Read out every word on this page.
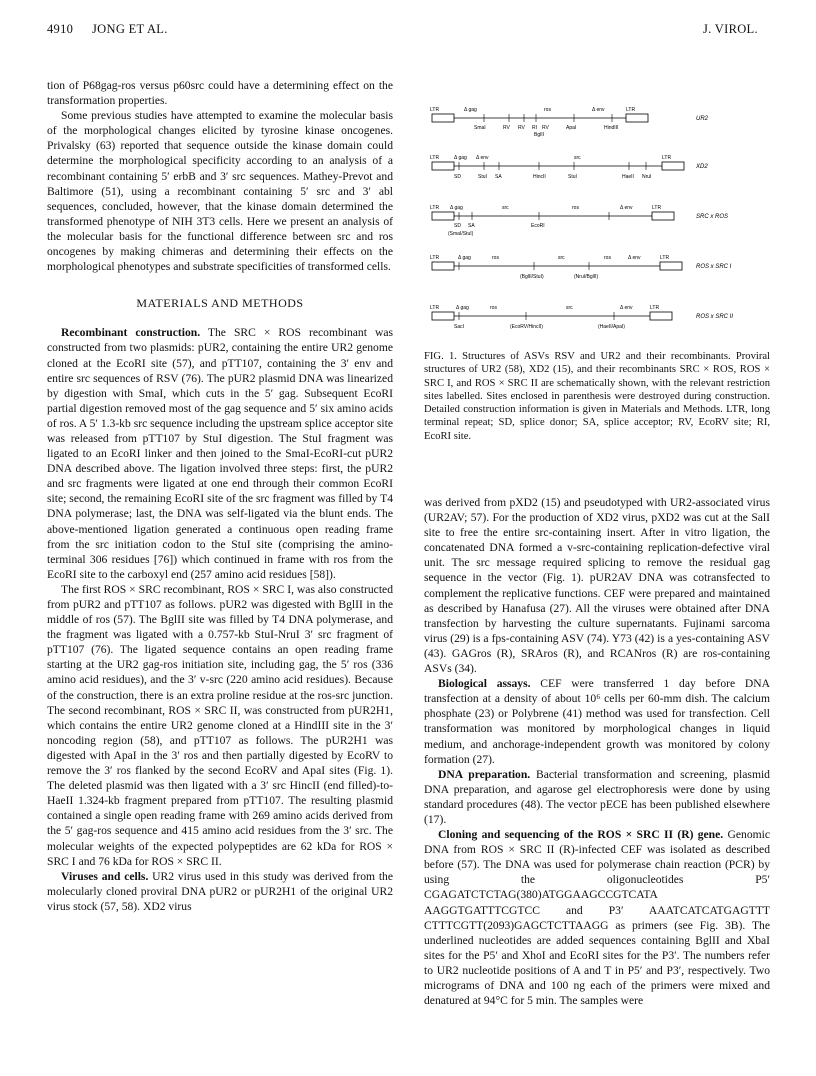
4910 JONG ET AL.	J. VIROL.

tion of P68gag-ros versus p60src could have a determining effect on the transformation properties.

Some previous studies have attempted to examine the molecular basis of the morphological changes elicited by tyrosine kinase oncogenes. Privalsky (63) reported that sequence outside the kinase domain could determine the morphological specificity according to an analysis of a recombinant containing 5′ erbB and 3′ src sequences. Mathey-Prevot and Baltimore (51), using a recombinant containing 5′ src and 3′ abl sequences, concluded, however, that the kinase domain determined the transformed phenotype of NIH 3T3 cells. Here we present an analysis of the molecular basis for the functional difference between src and ros oncogenes by making chimeras and determining their effects on the morphological phenotypes and substrate specificities of transformed cells.

MATERIALS AND METHODS

Recombinant construction. The SRC × ROS recombinant was constructed from two plasmids: pUR2, containing the entire UR2 genome cloned at the EcoRI site (57), and pTT107, containing the 3′ env and entire src sequences of RSV (76). The pUR2 plasmid DNA was linearized by digestion with SmaI, which cuts in the 5′ gag. Subsequent EcoRI partial digestion removed most of the gag sequence and 5′ six amino acids of ros. A 5′ 1.3-kb src sequence including the upstream splice acceptor site was released from pTT107 by StuI digestion. The StuI fragment was ligated to an EcoRI linker and then joined to the SmaI-EcoRI-cut pUR2 DNA described above. The ligation involved three steps: first, the pUR2 and src fragments were ligated at one end through their common EcoRI site; second, the remaining EcoRI site of the src fragment was filled by T4 DNA polymerase; last, the DNA was self-ligated via the blunt ends. The above-mentioned ligation generated a continuous open reading frame from the src initiation codon to the StuI site (comprising the amino-terminal 306 residues [76]) which continued in frame with ros from the EcoRI site to the carboxyl end (257 amino acid residues [58]).

The first ROS × SRC recombinant, ROS × SRC I, was also constructed from pUR2 and pTT107 as follows. pUR2 was digested with BglII in the middle of ros (57). The BglII site was filled by T4 DNA polymerase, and the fragment was ligated with a 0.757-kb StuI-NruI 3′ src fragment of pTT107 (76). The ligated sequence contains an open reading frame starting at the UR2 gag-ros initiation site, including gag, the 5′ ros (336 amino acid residues), and the 3′ v-src (220 amino acid residues). Because of the construction, there is an extra proline residue at the ros-src junction. The second recombinant, ROS × SRC II, was constructed from pUR2H1, which contains the entire UR2 genome cloned at a HindIII site in the 3′ noncoding region (58), and pTT107 as follows. The pUR2H1 was digested with ApaI in the 3′ ros and then partially digested by EcoRV to remove the 3′ ros flanked by the second EcoRV and ApaI sites (Fig. 1). The deleted plasmid was then ligated with a 3′ src HincII (end filled)-to-HaeII 1.324-kb fragment prepared from pTT107. The resulting plasmid contained a single open reading frame with 269 amino acids derived from the 5′ gag-ros sequence and 415 amino acid residues from the 3′ src. The molecular weights of the expected polypeptides are 62 kDa for ROS × SRC I and 76 kDa for ROS × SRC II.

Viruses and cells. UR2 virus used in this study was derived from the molecularly cloned proviral DNA pUR2 or pUR2H1 of the original UR2 virus stock (57, 58). XD2 virus

LTR	Δ gag	ros	Δ env	LTR
SmaI	RV RV RI RV	ApaI	HindIII
BglII
UR2
LTR	Δ gag Δ env	src	LTR
SD	StuI SA	HincII	StuI	HaeII NruI
XD2
LTR Δ gag	src	ros	Δ env	LTR
SD SA	EcoRI
(SmaI/StuI)
SRC x ROS
LTR	Δ gag	ros	src	ros	Δ env	LTR
(BglII/StuI)	(NruI/BglII)
ROS x SRC I
LTR	Δ gag	ros	src	Δ env	LTR
SacI	(EcoRV/HincII)	(HaeII/ApaI)
ROS x SRC II
FIG. 1. Structures of ASVs RSV and UR2 and their recombinants. Proviral structures of UR2 (58), XD2 (15), and their recombinants SRC × ROS, ROS × SRC I, and ROS × SRC II are schematically shown, with the relevant restriction sites labelled. Sites enclosed in parenthesis were destroyed during construction. Detailed construction information is given in Materials and Methods. LTR, long terminal repeat; SD, splice donor; SA, splice acceptor; RV, EcoRV site; RI, EcoRI site.

was derived from pXD2 (15) and pseudotyped with UR2-associated virus (UR2AV; 57). For the production of XD2 virus, pXD2 was cut at the SalI site to free the entire src-containing insert. After in vitro ligation, the concatenated DNA formed a v-src-containing replication-defective viral unit. The src message required splicing to remove the residual gag sequence in the vector (Fig. 1). pUR2AV DNA was cotransfected to complement the replicative functions. CEF were prepared and maintained as described by Hanafusa (27). All the viruses were obtained after DNA transfection by harvesting the culture supernatants. Fujinami sarcoma virus (29) is a fps-containing ASV (74). Y73 (42) is a yes-containing ASV (43). GAGros (R), SRAros (R), and RCANros (R) are ros-containing ASVs (34).

Biological assays. CEF were transferred 1 day before DNA transfection at a density of about 10⁶ cells per 60-mm dish. The calcium phosphate (23) or Polybrene (41) method was used for transfection. Cell transformation was monitored by morphological changes in liquid medium, and anchorage-independent growth was monitored by colony formation (27).

DNA preparation. Bacterial transformation and screening, plasmid DNA preparation, and agarose gel electrophoresis were done by using standard procedures (48). The vector pECE has been published elsewhere (17).

Cloning and sequencing of the ROS × SRC II (R) gene. Genomic DNA from ROS × SRC II (R)-infected CEF was isolated as described before (57). The DNA was used for polymerase chain reaction (PCR) by using the oligonucleotides P5′ CGAGATCTCTAG(380)ATGGAAGCCGTCATA AAGGTGATTTCGTCC and P3′ AAATCATCATGAGTTT CTTTCGTT(2093)GAGCTCTTAAGG as primers (see Fig. 3B). The underlined nucleotides are added sequences containing BglII and XbaI sites for the P5′ and XhoI and EcoRI sites for the P3′. The numbers refer to UR2 nucleotide positions of A and T in P5′ and P3′, respectively. Two micrograms of DNA and 100 ng each of the primers were mixed and denatured at 94°C for 5 min. The samples were
